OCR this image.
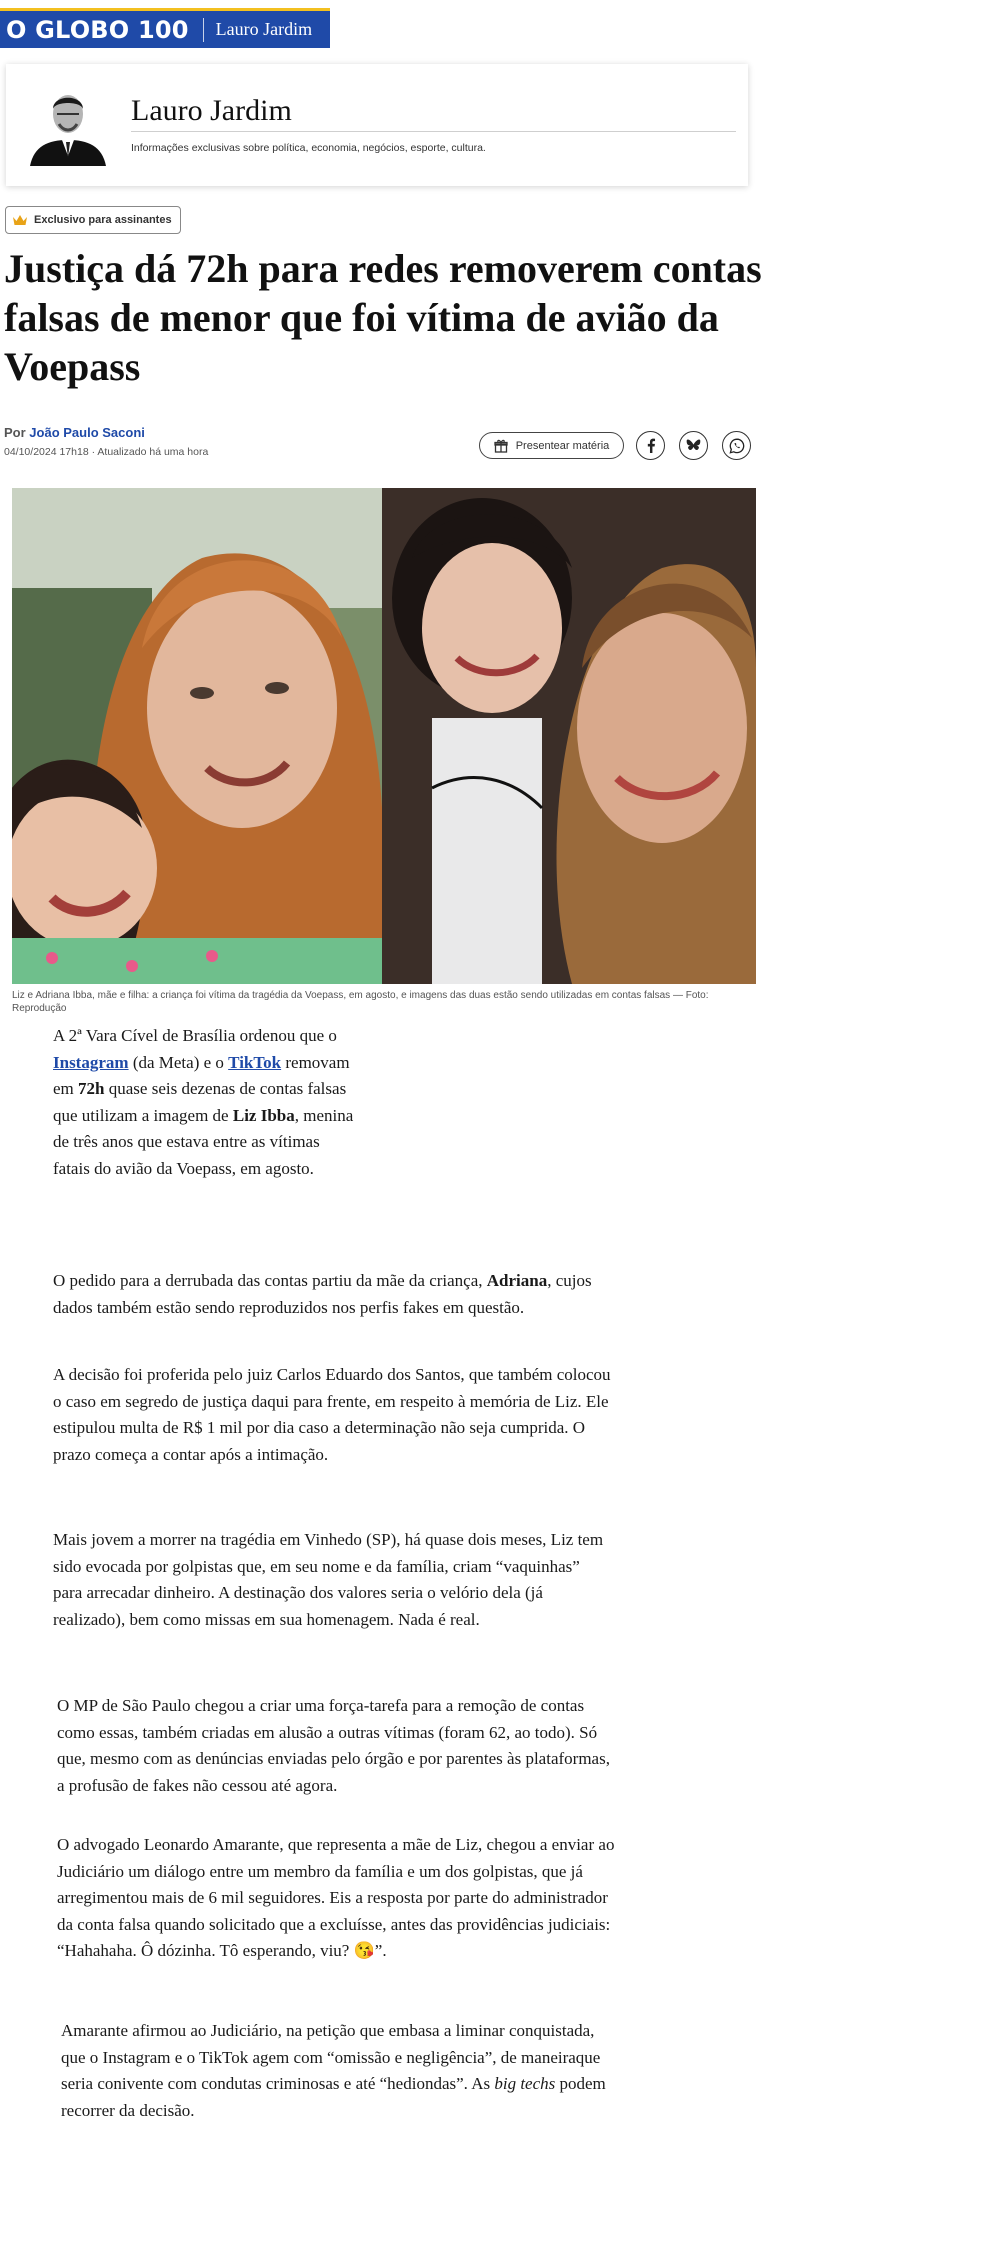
O GLOBO 100 Lauro Jardim
Lauro Jardim
Informações exclusivas sobre política, economia, negócios, esporte, cultura.
Exclusivo para assinantes
Justiça dá 72h para redes removerem contas falsas de menor que foi vítima de avião da Voepass
Por João Paulo Saconi
04/10/2024 17h18 · Atualizado há uma hora
Presentear matéria
Liz e Adriana Ibba, mãe e filha: a criança foi vítima da tragédia da Voepass, em agosto, e imagens das duas estão sendo utilizadas em contas falsas — Foto: Reprodução

A 2ª Vara Cível de Brasília ordenou que o Instagram (da Meta) e o TikTok removam em 72h quase seis dezenas de contas falsas que utilizam a imagem de Liz Ibba, menina de três anos que estava entre as vítimas fatais do avião da Voepass, em agosto.

O pedido para a derrubada das contas partiu da mãe da criança, Adriana, cujos dados também estão sendo reproduzidos nos perfis fakes em questão.

A decisão foi proferida pelo juiz Carlos Eduardo dos Santos, que também colocou o caso em segredo de justiça daqui para frente, em respeito à memória de Liz. Ele estipulou multa de R$ 1 mil por dia caso a determinação não seja cumprida. O prazo começa a contar após a intimação.

Mais jovem a morrer na tragédia em Vinhedo (SP), há quase dois meses, Liz tem sido evocada por golpistas que, em seu nome e da família, criam “vaquinhas” para arrecadar dinheiro. A destinação dos valores seria o velório dela (já realizado), bem como missas em sua homenagem. Nada é real.

O MP de São Paulo chegou a criar uma força-tarefa para a remoção de contas como essas, também criadas em alusão a outras vítimas (foram 62, ao todo). Só que, mesmo com as denúncias enviadas pelo órgão e por parentes às plataformas, a profusão de fakes não cessou até agora.

O advogado Leonardo Amarante, que representa a mãe de Liz, chegou a enviar ao Judiciário um diálogo entre um membro da família e um dos golpistas, que já arregimentou mais de 6 mil seguidores. Eis a resposta por parte do administrador da conta falsa quando solicitado que a excluísse, antes das providências judiciais: “Hahahaha. Ô dózinha. Tô esperando, viu? 😘”.

Amarante afirmou ao Judiciário, na petição que embasa a liminar conquistada, que o Instagram e o TikTok agem com “omissão e negligência”, de maneiraque seria conivente com condutas criminosas e até “hediondas”. As big techs podem recorrer da decisão.
